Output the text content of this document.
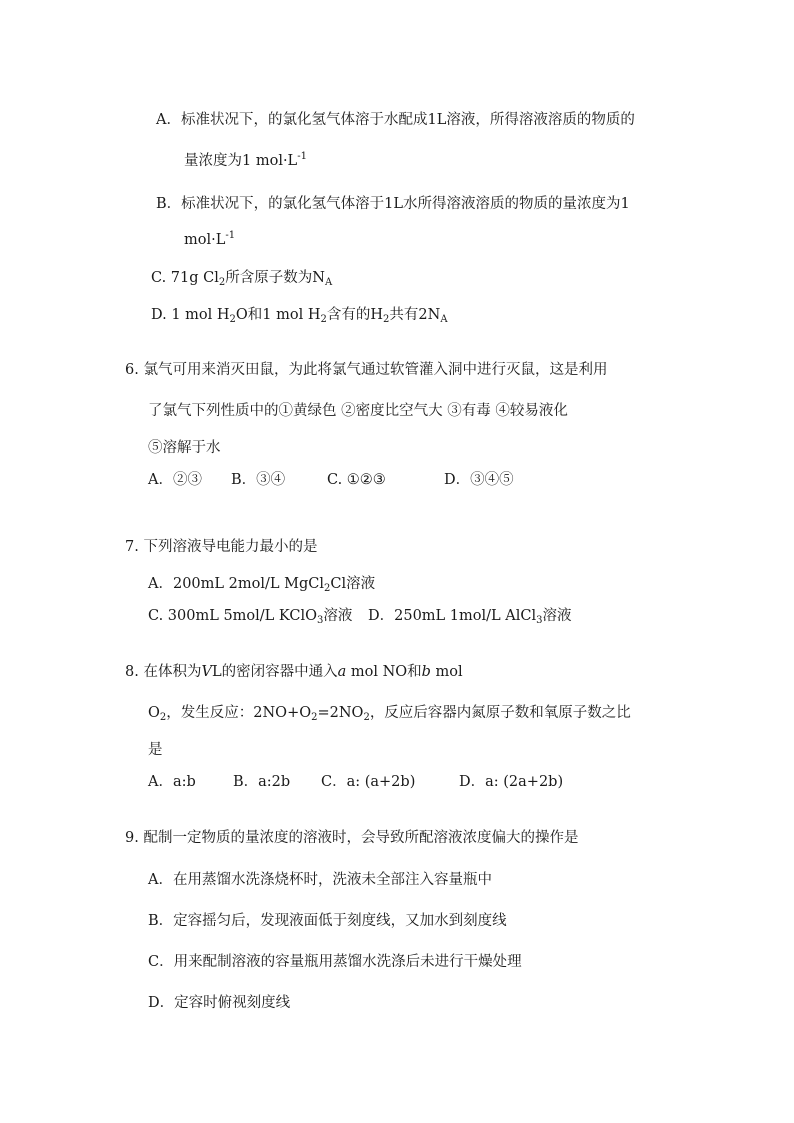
A．标准状况下，的氯化氢气体溶于水配成1L溶液，所得溶液溶质的物质的
量浓度为1 $mol\cdot L^{-1}$
B．标准状况下，的氯化氢气体溶于1L水所得溶液溶质的物质的量浓度为1
$mol\cdot L^{-1}$
C. 71g $Cl_2$所含原子数为$N_A$
D. 1 mol $H_2O$和1 mol $H_2$含有的$H_2$共有$2N_A$
6. 氯气可用来消灭田鼠，为此将氯气通过软管灌入洞中进行灭鼠，这是利用
了氯气下列性质中的①黄绿色 ②密度比空气大 ③有毒 ④较易液化
⑤溶解于水
A．②③ B．③④	C. ①②③	D．③④⑤
7. 下列溶液导电能力最小的是
A．200mL 2mol/L MgCl$_2$Cl溶液
C. 300mL 5mol/L KClO$_3$溶液 D．250mL 1mol/L AlCl$_3$溶液
8. 在体积为VL的密闭容器中通入a mol NO和b mol
$O_2$，发生反应：$2NO+O_2=2NO_2$，反应后容器内氮原子数和氧原子数之比
是
A．a:b	B．a:2b C．a: (a+2b)	D．a: (2a+2b)
9. 配制一定物质的量浓度的溶液时，会导致所配溶液浓度偏大的操作是
A．在用蒸馏水洗涤烧杯时，洗液未全部注入容量瓶中
B．定容摇匀后，发现液面低于刻度线，又加水到刻度线
C．用来配制溶液的容量瓶用蒸馏水洗涤后未进行干燥处理
D．定容时俯视刻度线
